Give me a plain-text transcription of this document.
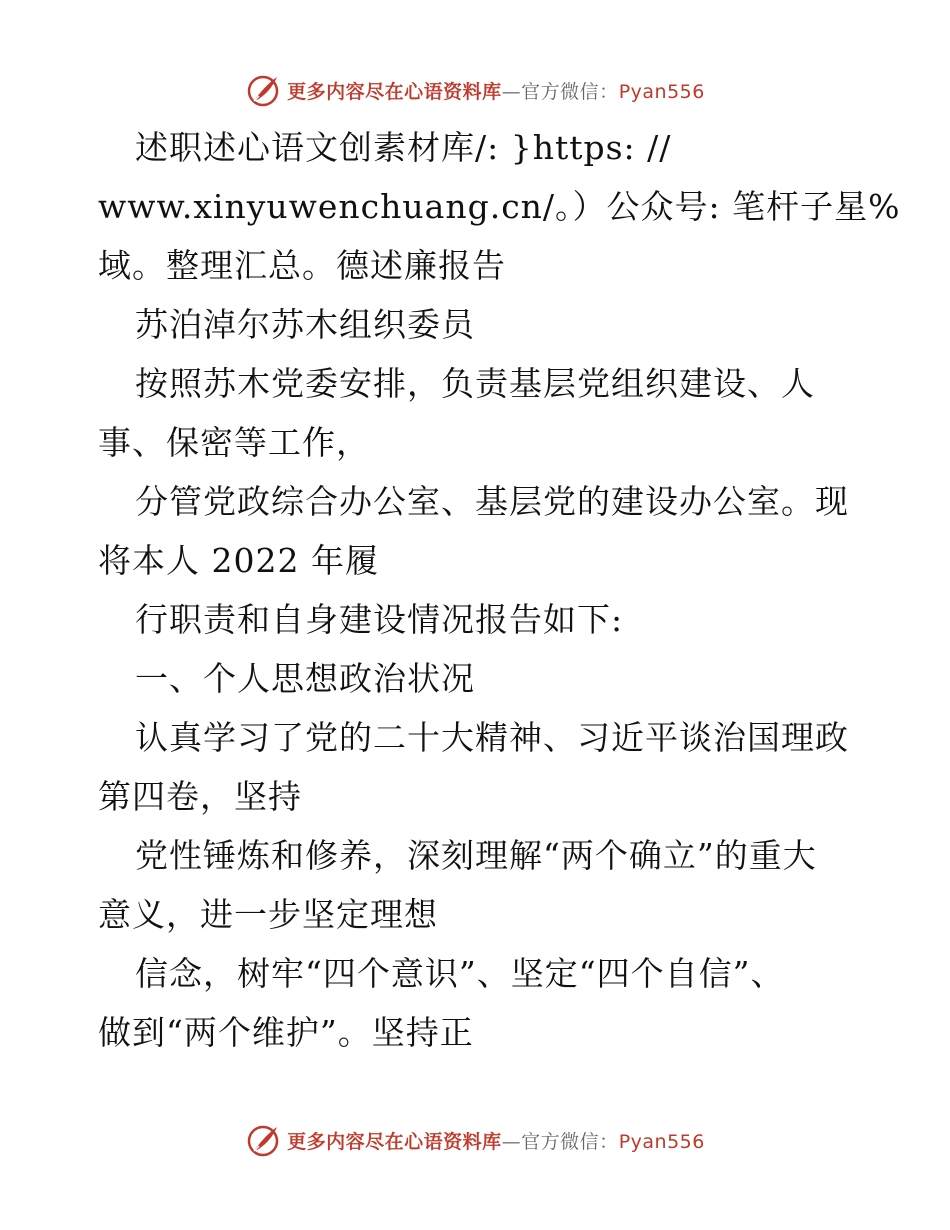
更多内容尽在心语资料库—官方微信：Pyan556
述职述心语文创素材库/: }https: //
www.xinyuwenchuang.cn/。）公众号: 笔杆子星%
域。整理汇总。德述廉报告
苏泊淖尔苏木组织委员
按照苏木党委安排，负责基层党组织建设、人
事、保密等工作，
分管党政综合办公室、基层党的建设办公室。现
将本人 2022 年履
行职责和自身建设情况报告如下:
一、个人思想政治状况
认真学习了党的二十大精神、习近平谈治国理政
第四卷，坚持
党性锤炼和修养，深刻理解“两个确立”的重大
意义，进一步坚定理想
信念，树牢“四个意识”、坚定“四个自信”、
做到“两个维护”。坚持正
更多内容尽在心语资料库—官方微信：Pyan556
